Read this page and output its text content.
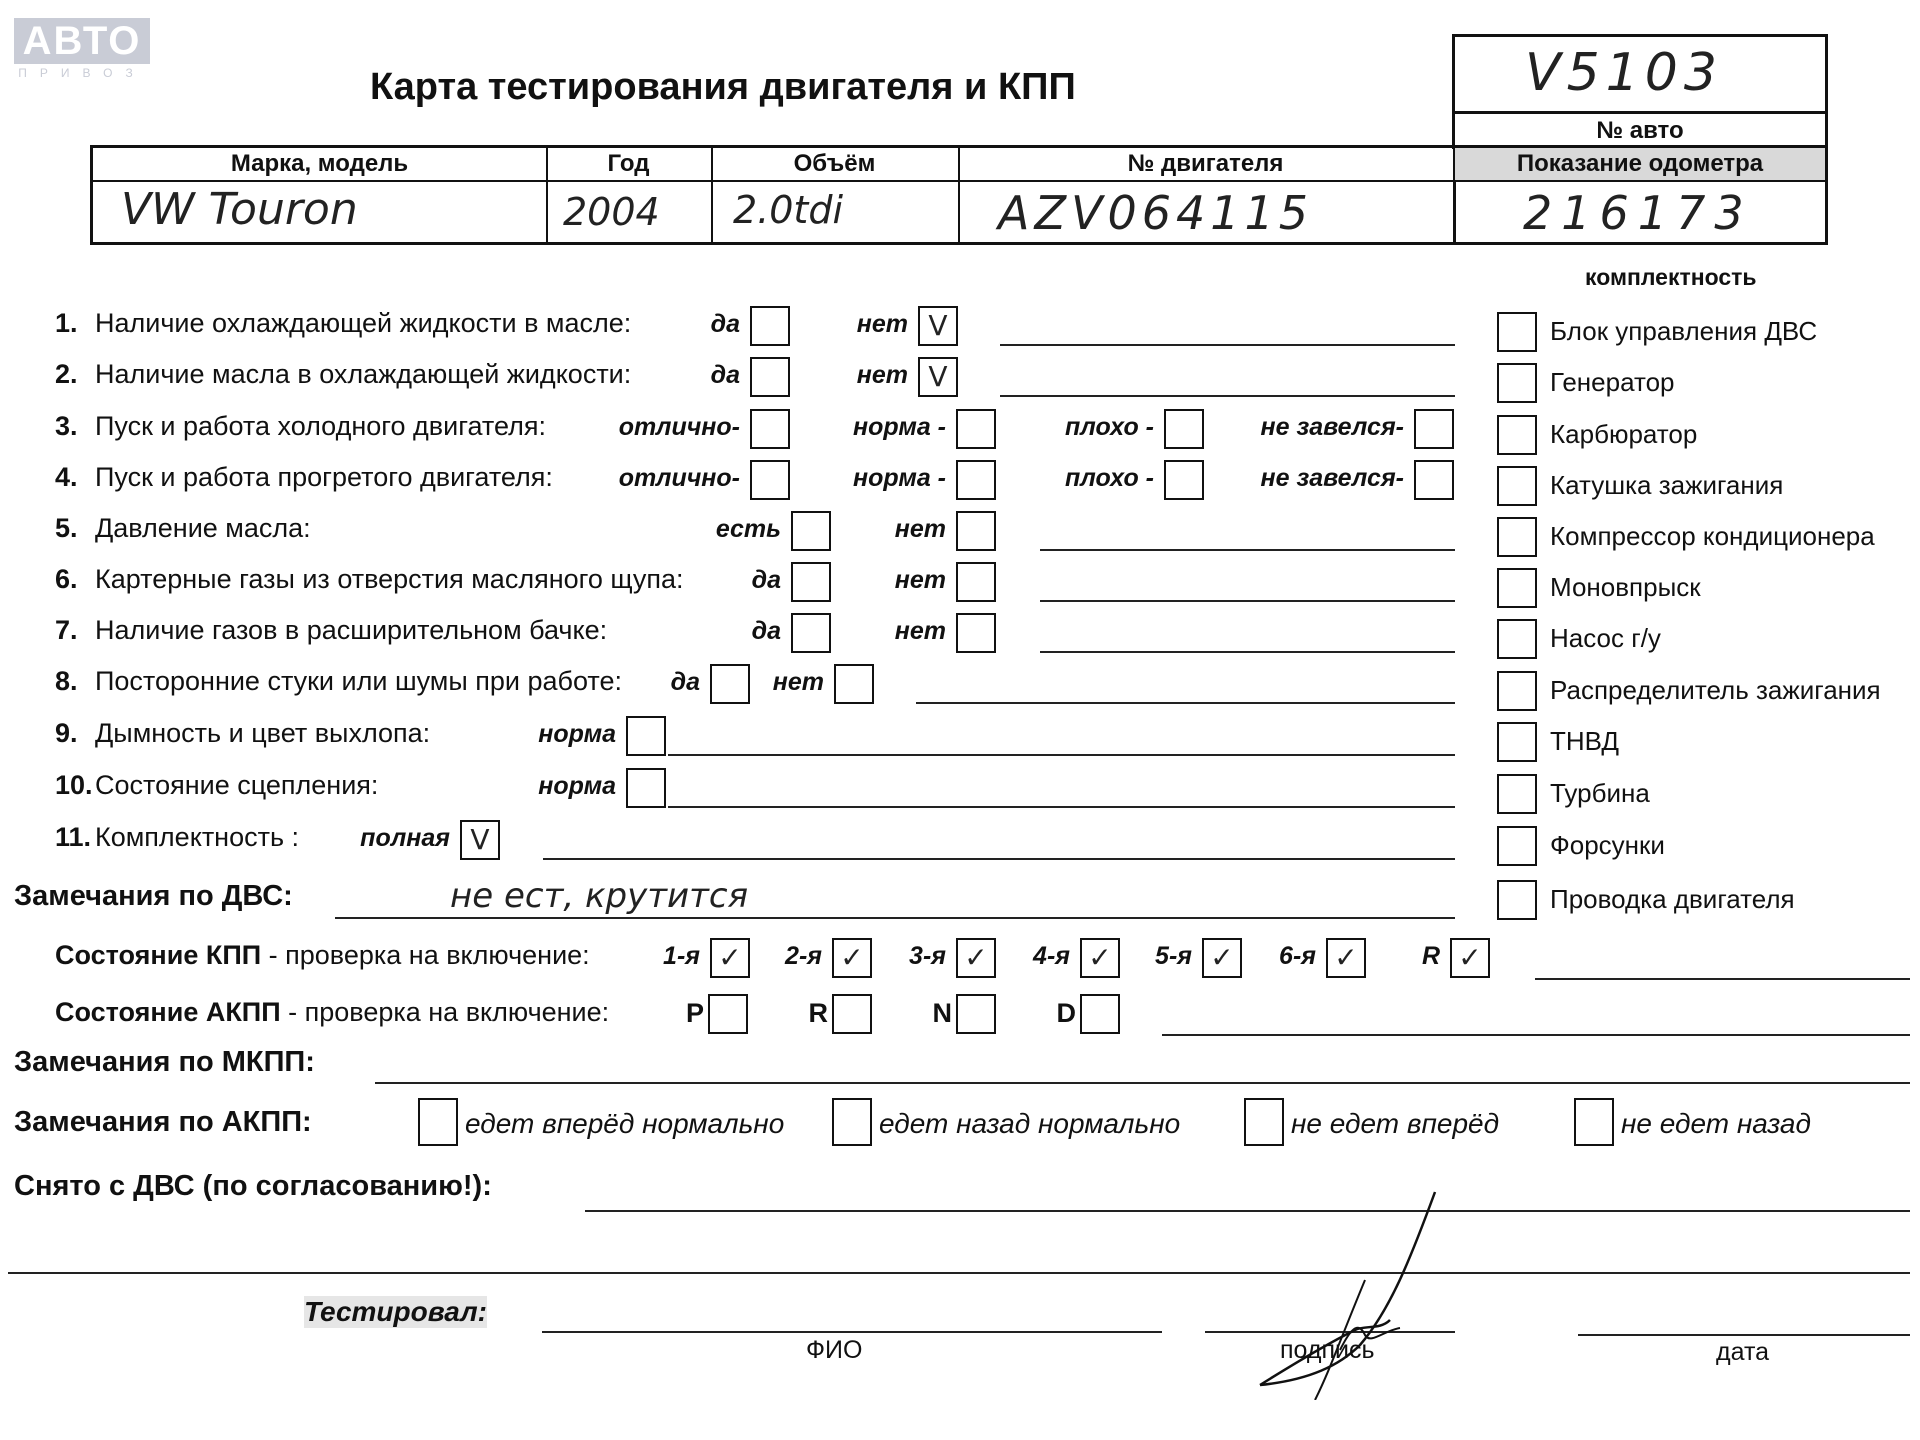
АВТО
ПРИВОЗ	Карта тестирования двигателя и КПП	V5103
№ авто
Марка, модель	Год	Объём	№ двигателя	Показание одометра
VW Touron	2004 2.0tdi	AZV064115	216173
комплектность
Блок управления ДВС
Генератор
Карбюратор
Катушка зажигания
Компрессор кондиционера
Моновпрыск
Насос г/у
Распределитель зажигания
ТНВД
Турбина
Форсунки
Проводка двигателя
1. Наличие охлаждающей жидкости в масле:	да	нет V
2. Наличие масла в охлаждающей жидкости:	да	нет V
3. Пуск и работа холодного двигателя:	отлично-	норма -	плохо -	не завелся-
4. Пуск и работа прогретого двигателя:	отлично-	норма -	плохо -	не завелся-
5. Давление масла:	есть	нет
6. Картерные газы из отверстия масляного щупа:	да	нет
7. Наличие газов в расширительном бачке:	да	нет
8. Посторонние стуки или шумы при работе: да	нет
9. Дымность и цвет выхлопа:	норма
10.Состояние сцепления:	норма
11. Комплектность : полная V
Замечания по ДВС:	не ест, крутится
Состояние КПП - проверка на включение:	1-я ✓ 2-я ✓ 3-я ✓ 4-я ✓ 5-я ✓ 6-я ✓	R ✓
Состояние АКПП - проверка на включение:	P	R	N	D
Замечания по МКПП:
Замечания по АКПП:	едет вперёд нормально	едет назад нормально	не едет вперёд	не едет назад
Снято с ДВС (по согласованию!):
Тестировал:
ФИО	подпись	дата
